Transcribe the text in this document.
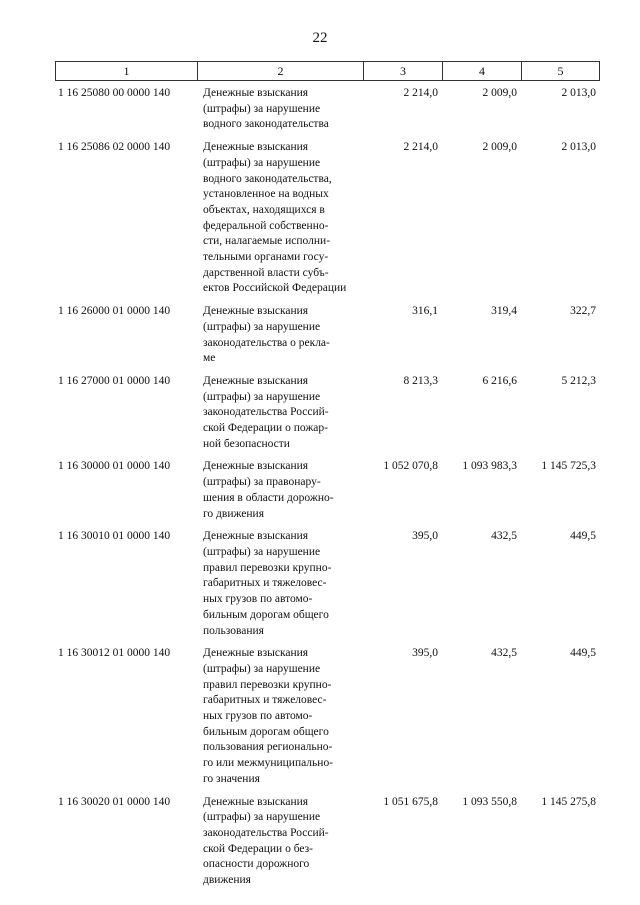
22
1	2	3	4	5
1 16 25080 00 0000 140	Денежные взыскания
(штрафы) за нарушение
водного законодательства
2 214,0	2 009,0	2 013,0
1 16 25086 02 0000 140	Денежные взыскания
(штрафы) за нарушение
водного законодательства,
установленное на водных
объектах, находящихся в
федеральной собственно-
сти, налагаемые исполни-
тельными органами госу-
дарственной власти субъ-
ектов Российской Федерации
2 214,0	2 009,0	2 013,0
1 16 26000 01 0000 140	Денежные взыскания
(штрафы) за нарушение
законодательства о рекла-
ме
316,1	319,4	322,7
1 16 27000 01 0000 140	Денежные взыскания
(штрафы) за нарушение
законодательства Россий-
ской Федерации о пожар-
ной безопасности
8 213,3	6 216,6	5 212,3
1 16 30000 01 0000 140	Денежные взыскания
(штрафы) за правонару-
шения в области дорожно-
го движения
1 052 070,8	1 093 983,3	1 145 725,3
1 16 30010 01 0000 140	Денежные взыскания
(штрафы) за нарушение
правил перевозки крупно-
габаритных и тяжеловес-
ных грузов по автомо-
бильным дорогам общего
пользования
395,0	432,5	449,5
1 16 30012 01 0000 140	Денежные взыскания
(штрафы) за нарушение
правил перевозки крупно-
габаритных и тяжеловес-
ных грузов по автомо-
бильным дорогам общего
пользования регионально-
го или межмуниципально-
го значения
395,0	432,5	449,5
1 16 30020 01 0000 140	Денежные взыскания
(штрафы) за нарушение
законодательства Россий-
ской Федерации о без-
опасности дорожного
движения
1 051 675,8	1 093 550,8	1 145 275,8
